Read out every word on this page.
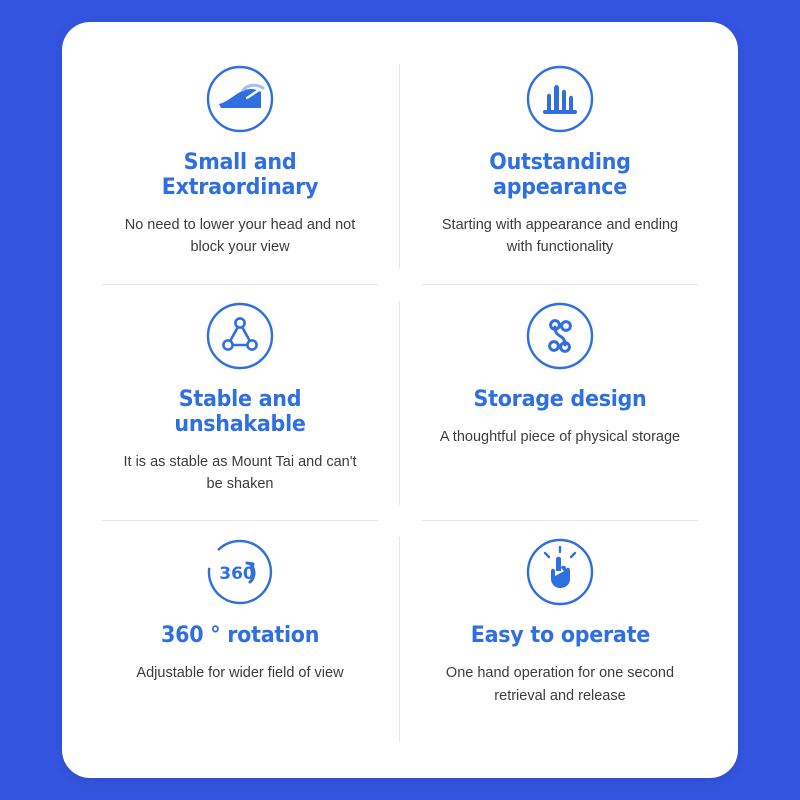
Small and Extraordinary
No need to lower your head and not block your view
Outstanding appearance
Starting with appearance and ending with functionality
Stable and unshakable
It is as stable as Mount Tai and can't be shaken
Storage design
A thoughtful piece of physical storage
360
360 ° rotation
Adjustable for wider field of view
Easy to operate
One hand operation for one second retrieval and release
